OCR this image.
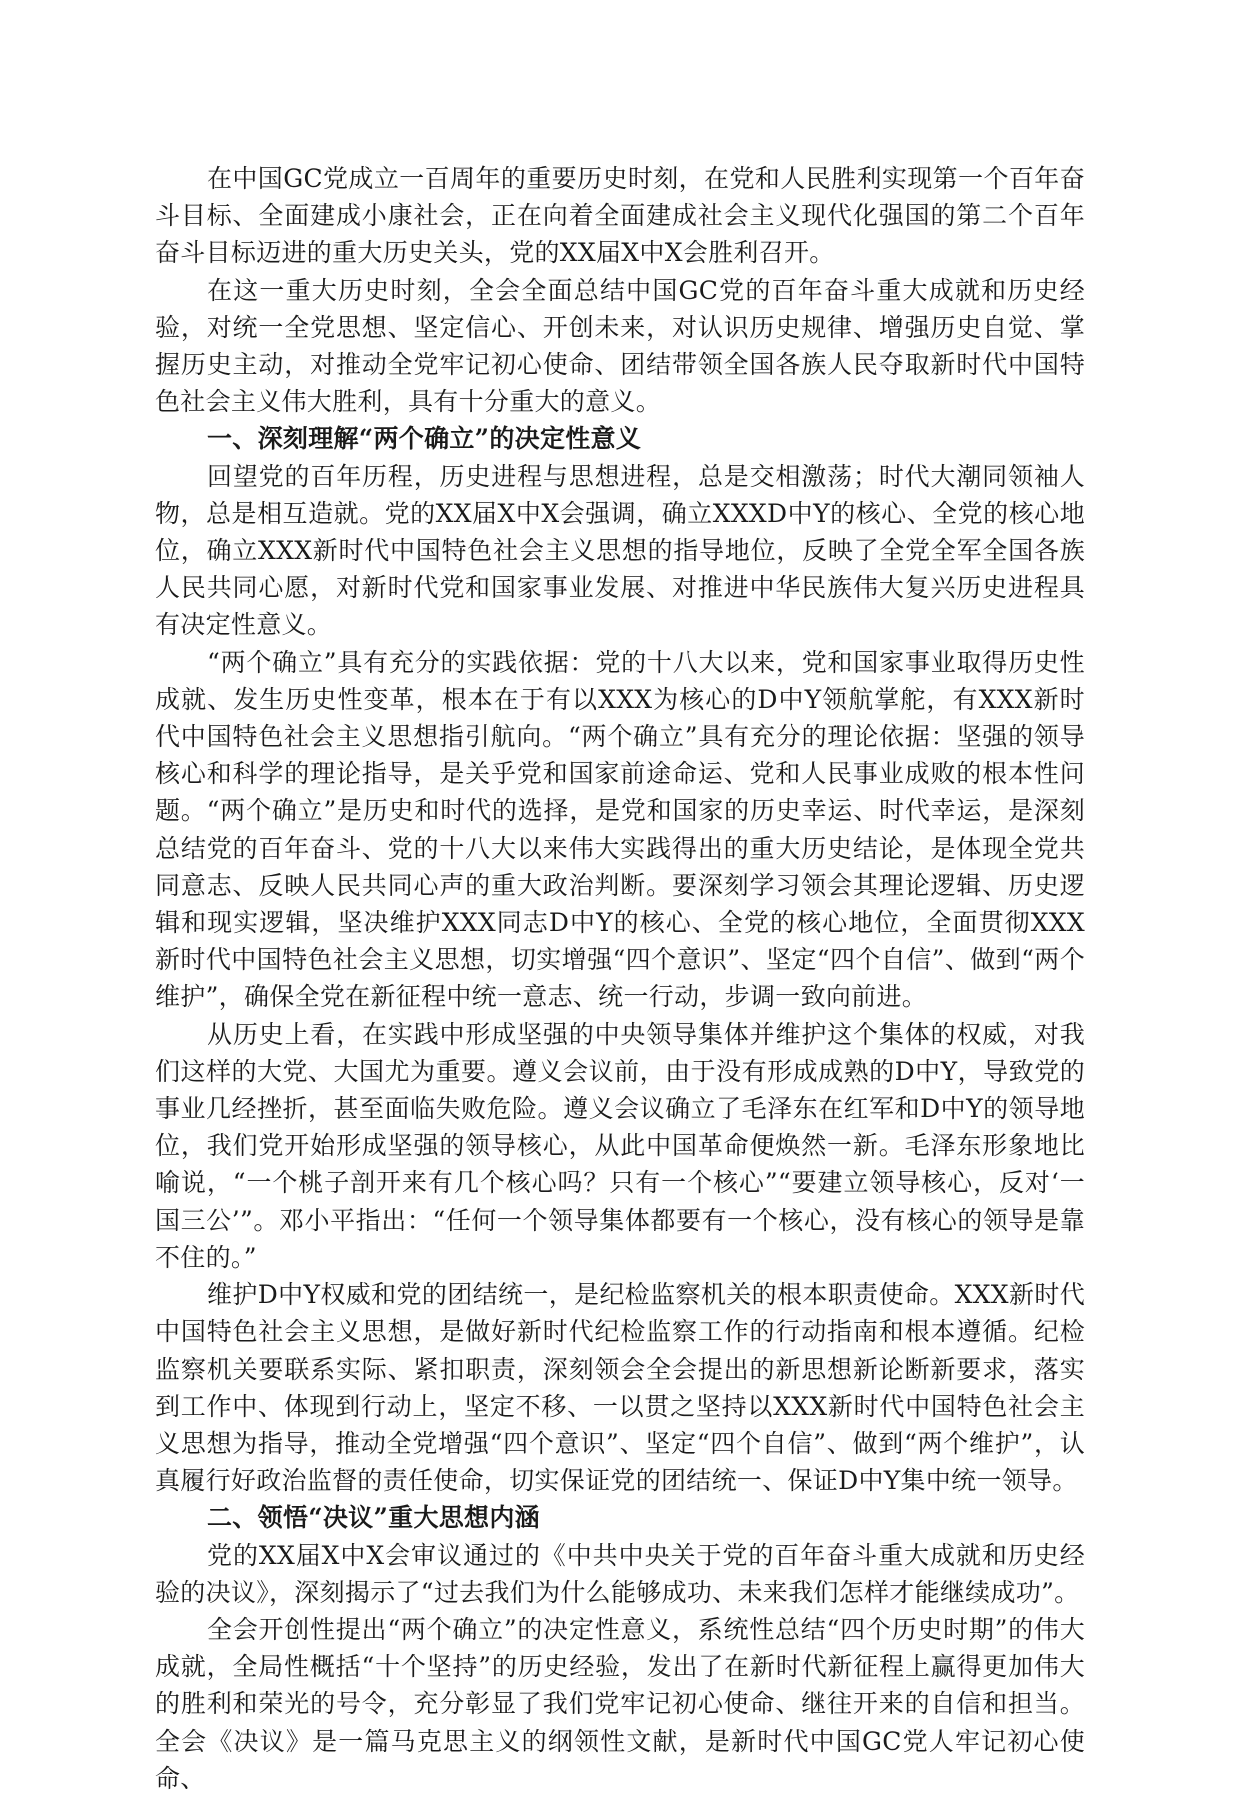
在中国GC党成立一百周年的重要历史时刻，在党和人民胜利实现第一个百年奋斗目标、全面建成小康社会，正在向着全面建成社会主义现代化强国的第二个百年奋斗目标迈进的重大历史关头，党的XX届X中X会胜利召开。

在这一重大历史时刻，全会全面总结中国GC党的百年奋斗重大成就和历史经验，对统一全党思想、坚定信心、开创未来，对认识历史规律、增强历史自觉、掌握历史主动，对推动全党牢记初心使命、团结带领全国各族人民夺取新时代中国特色社会主义伟大胜利，具有十分重大的意义。

一、深刻理解“两个确立”的决定性意义

回望党的百年历程，历史进程与思想进程，总是交相激荡；时代大潮同领袖人物，总是相互造就。党的XX届X中X会强调，确立XXXD中Y的核心、全党的核心地位，确立XXX新时代中国特色社会主义思想的指导地位，反映了全党全军全国各族人民共同心愿，对新时代党和国家事业发展、对推进中华民族伟大复兴历史进程具有决定性意义。

“两个确立”具有充分的实践依据：党的十八大以来，党和国家事业取得历史性成就、发生历史性变革，根本在于有以XXX为核心的D中Y领航掌舵，有XXX新时代中国特色社会主义思想指引航向。“两个确立”具有充分的理论依据：坚强的领导核心和科学的理论指导，是关乎党和国家前途命运、党和人民事业成败的根本性问题。“两个确立”是历史和时代的选择，是党和国家的历史幸运、时代幸运，是深刻总结党的百年奋斗、党的十八大以来伟大实践得出的重大历史结论，是体现全党共同意志、反映人民共同心声的重大政治判断。要深刻学习领会其理论逻辑、历史逻辑和现实逻辑，坚决维护XXX同志D中Y的核心、全党的核心地位，全面贯彻XXX新时代中国特色社会主义思想，切实增强“四个意识”、坚定“四个自信”、做到“两个维护”，确保全党在新征程中统一意志、统一行动，步调一致向前进。

从历史上看，在实践中形成坚强的中央领导集体并维护这个集体的权威，对我们这样的大党、大国尤为重要。遵义会议前，由于没有形成成熟的D中Y，导致党的事业几经挫折，甚至面临失败危险。遵义会议确立了毛泽东在红军和D中Y的领导地位，我们党开始形成坚强的领导核心，从此中国革命便焕然一新。毛泽东形象地比喻说，“一个桃子剖开来有几个核心吗？只有一个核心”“要建立领导核心，反对‘一国三公’”。邓小平指出：“任何一个领导集体都要有一个核心，没有核心的领导是靠不住的。”

维护D中Y权威和党的团结统一，是纪检监察机关的根本职责使命。XXX新时代中国特色社会主义思想，是做好新时代纪检监察工作的行动指南和根本遵循。纪检监察机关要联系实际、紧扣职责，深刻领会全会提出的新思想新论断新要求，落实到工作中、体现到行动上，坚定不移、一以贯之坚持以XXX新时代中国特色社会主义思想为指导，推动全党增强“四个意识”、坚定“四个自信”、做到“两个维护”，认真履行好政治监督的责任使命，切实保证党的团结统一、保证D中Y集中统一领导。

二、领悟“决议”重大思想内涵

党的XX届X中X会审议通过的《中共中央关于党的百年奋斗重大成就和历史经验的决议》，深刻揭示了“过去我们为什么能够成功、未来我们怎样才能继续成功”。

全会开创性提出“两个确立”的决定性意义，系统性总结“四个历史时期”的伟大成就，全局性概括“十个坚持”的历史经验，发出了在新时代新征程上赢得更加伟大的胜利和荣光的号令，充分彰显了我们党牢记初心使命、继往开来的自信和担当。全会《决议》是一篇马克思主义的纲领性文献，是新时代中国GC党人牢记初心使命、
